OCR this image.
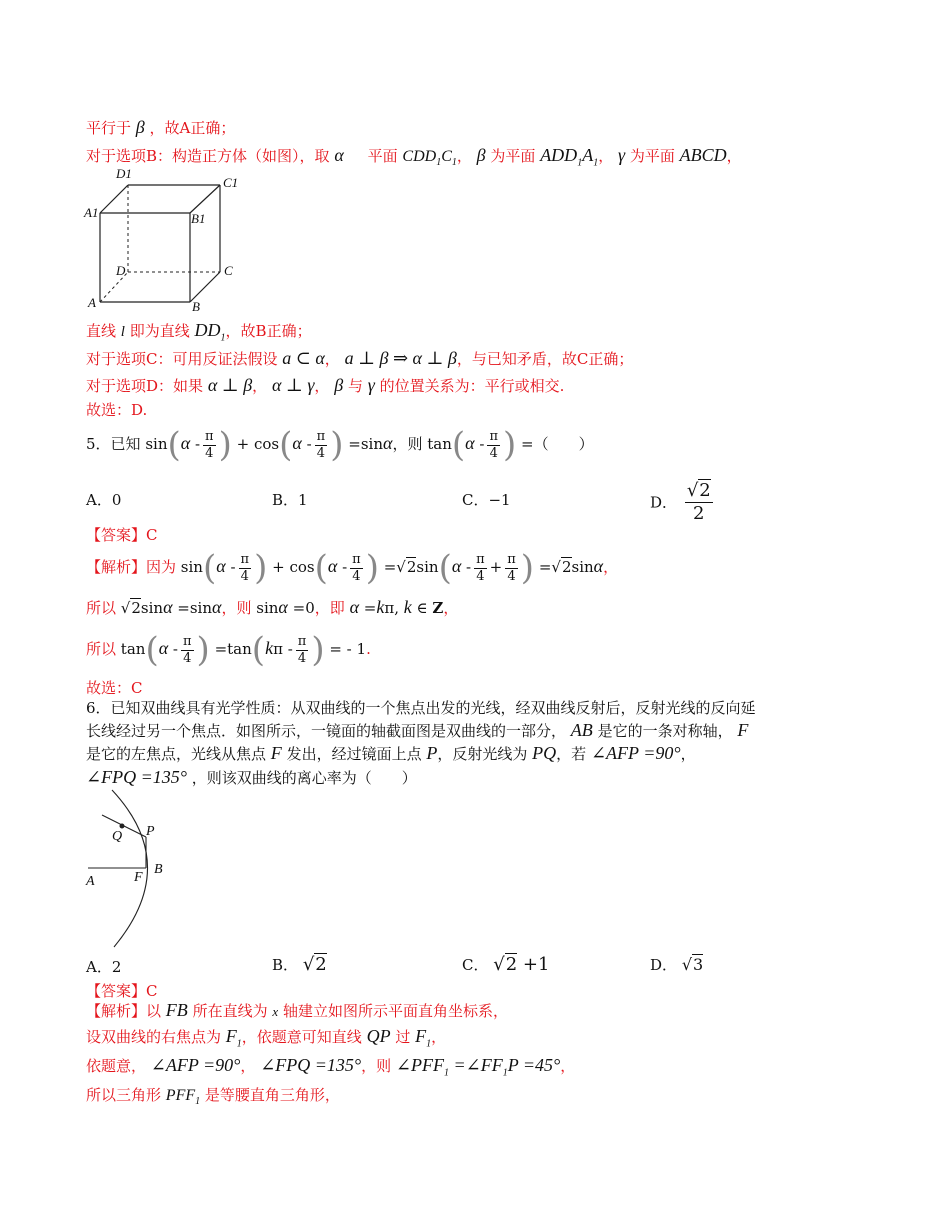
平行于 β ，故A正确；
对于选项B：构造正方体（如图），取 α 平面 $CDD_1C_1$， β 为平面 $ADD_1A_1$， γ 为平面 ABCD，
D1
C1
A1	B1
D	C
A	B
直线 l 即为直线 $DD_1$，故B正确；
对于选项C：可用反证法假设 a ⊂ α， a ⊥ β ⇒ α ⊥ β，与已知矛盾，故C正确；
对于选项D：如果 α ⊥ β， α ⊥ γ， β 与 γ 的位置关系为：平行或相交.
故选：D.
5．已知 $\sin(\alpha - \frac{\pi}{4}$ ) + $\cos(\alpha - \frac{\pi}{4}$ ) =sinα，则 $\tan(\alpha - \frac{\pi}{4}$ ) =（　　）
A．0	B．1	C．−1	D． $\frac{√2}{2}$
【答案】C
【解析】因为 $\sin(\alpha - \frac{\pi}{4}$ ) + $\cos(\alpha - \frac{\pi}{4}$ ) $=√2\sin(\alpha - \frac{\pi}{4} + \frac{\pi}{4}$ ) =√2sinα，
所以 √2sinα =sinα，则 sinα =0，即 α =kπ, k ∈ Z，
所以 $\tan(\alpha - \frac{\pi}{4}$ ) $=\tan(k\pi - \frac{\pi}{4}$ ) = - 1.
故选：C
6．已知双曲线具有光学性质：从双曲线的一个焦点出发的光线，经双曲线反射后，反射光线的反向延
长线经过另一个焦点．如图所示，一镜面的轴截面图是双曲线的一部分， AB 是它的一条对称轴， F
是它的左焦点，光线从焦点 F 发出，经过镜面上点 P，反射光线为 PQ，若 ∠AFP =90°，
∠FPQ =135° ，则该双曲线的离心率为（　　）
Q P
B
A	F
A．2	B． √2	C． √2 +1	D． √3
【答案】C
【解析】以 FB 所在直线为 x 轴建立如图所示平面直角坐标系，
设双曲线的右焦点为 $F_1$，依题意可知直线 QP 过 $F_1$，
依题意， ∠AFP =90°， ∠FPQ =135°，则 $\angle PFF_1$ $=\angle FF_1P =45^\circ$，
所以三角形 $PFF_1$ 是等腰直角三角形，
